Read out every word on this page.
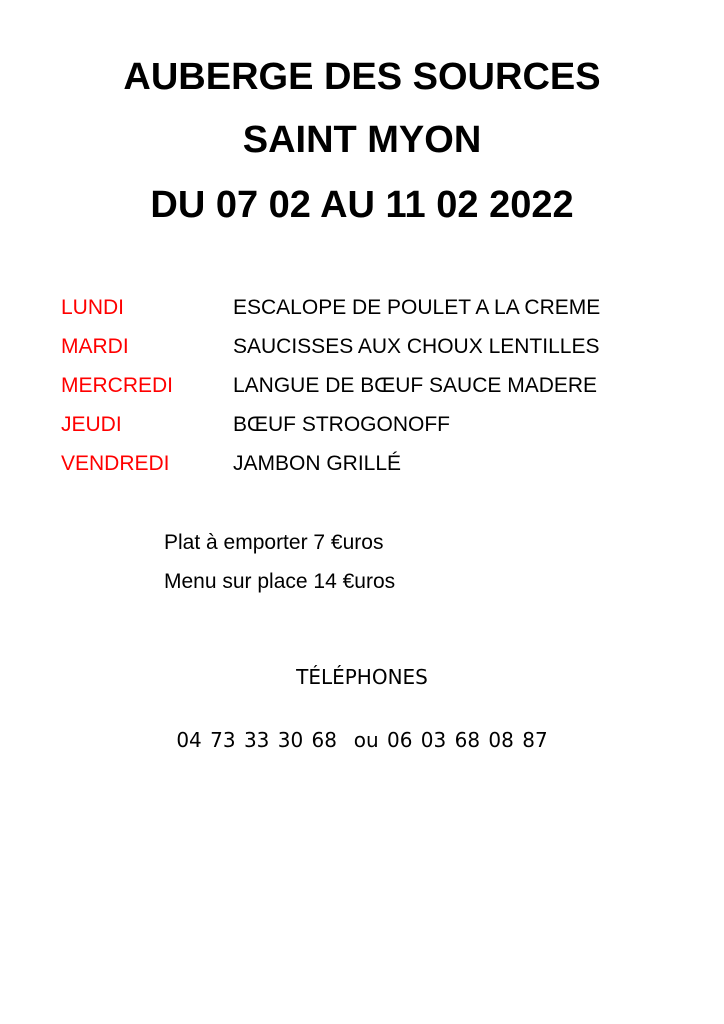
AUBERGE DES SOURCES
SAINT MYON
DU 07 02 AU 11 02 2022
LUNDI	ESCALOPE DE POULET A LA CREME
MARDI	SAUCISSES AUX CHOUX LENTILLES
MERCREDI	LANGUE DE BŒUF SAUCE MADERE
JEUDI	BŒUF STROGONOFF
VENDREDI	JAMBON GRILLÉ
Plat à emporter 7 €uros
Menu sur place 14 €uros
TÉLÉPHONES
04 73 33 30 68  ou 06 03 68 08 87
